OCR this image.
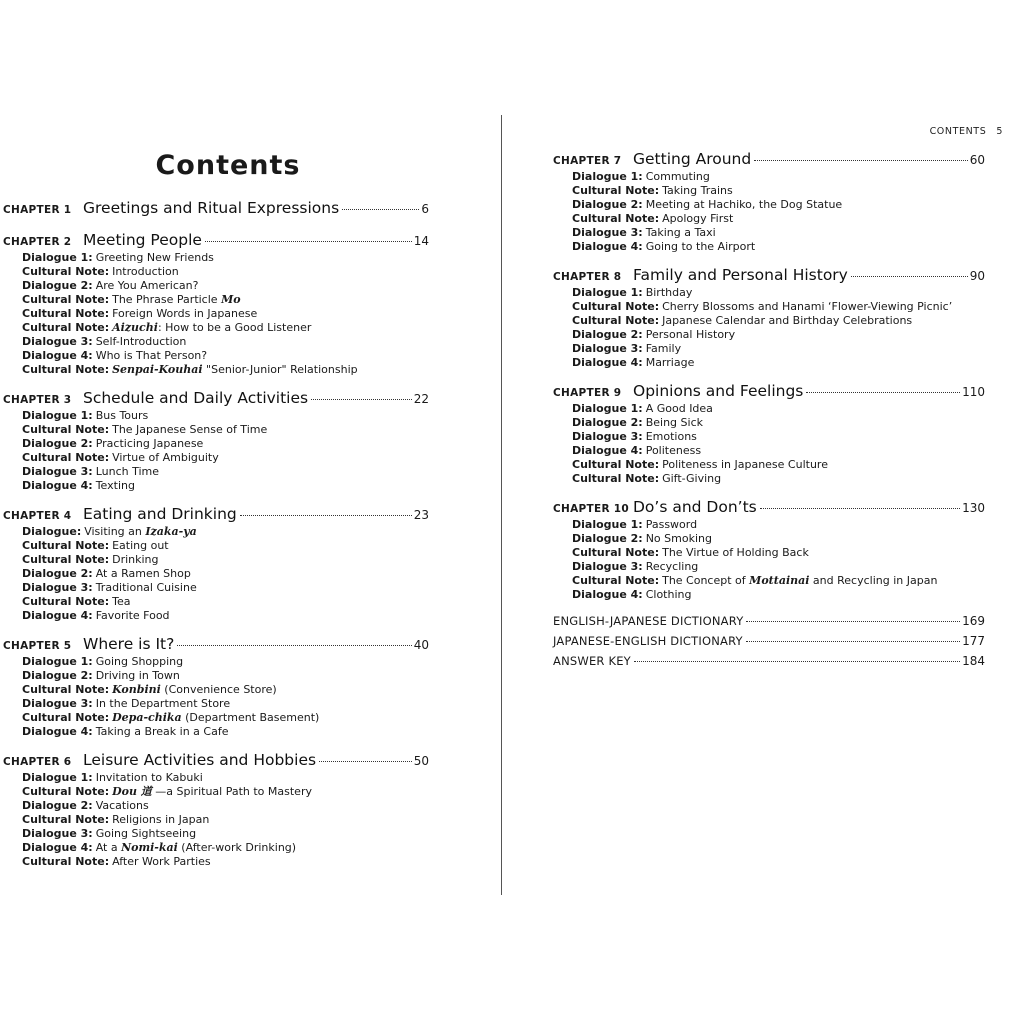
Contents
CHAPTER 1 Greetings and Ritual Expressions	6
CHAPTER 2 Meeting People	14
Dialogue 1: Greeting New Friends
Cultural Note: Introduction
Dialogue 2: Are You American?
Cultural Note: The Phrase Particle Mo
Cultural Note: Foreign Words in Japanese
Cultural Note: Aizuchi: How to be a Good Listener
Dialogue 3: Self-Introduction
Dialogue 4: Who is That Person?
Cultural Note: Senpai-Kouhai "Senior-Junior" Relationship
CHAPTER 3 Schedule and Daily Activities	22
Dialogue 1: Bus Tours
Cultural Note: The Japanese Sense of Time
Dialogue 2: Practicing Japanese
Cultural Note: Virtue of Ambiguity
Dialogue 3: Lunch Time
Dialogue 4: Texting
CHAPTER 4 Eating and Drinking	23
Dialogue: Visiting an Izaka-ya
Cultural Note: Eating out
Cultural Note: Drinking
Dialogue 2: At a Ramen Shop
Dialogue 3: Traditional Cuisine
Cultural Note: Tea
Dialogue 4: Favorite Food
CHAPTER 5 Where is It?	40
Dialogue 1: Going Shopping
Dialogue 2: Driving in Town
Cultural Note: Konbini (Convenience Store)
Dialogue 3: In the Department Store
Cultural Note: Depa-chika (Department Basement)
Dialogue 4: Taking a Break in a Cafe
CHAPTER 6 Leisure Activities and Hobbies	50
Dialogue 1: Invitation to Kabuki
Cultural Note: Dou 道 —a Spiritual Path to Mastery
Dialogue 2: Vacations
Cultural Note: Religions in Japan
Dialogue 3: Going Sightseeing
Dialogue 4: At a Nomi-kai (After-work Drinking)
Cultural Note: After Work Parties
CONTENTS 5
CHAPTER 7 Getting Around	60
Dialogue 1: Commuting
Cultural Note: Taking Trains
Dialogue 2: Meeting at Hachiko, the Dog Statue
Cultural Note: Apology First
Dialogue 3: Taking a Taxi
Dialogue 4: Going to the Airport
CHAPTER 8 Family and Personal History	90
Dialogue 1: Birthday
Cultural Note: Cherry Blossoms and Hanami ‘Flower-Viewing Picnic’
Cultural Note: Japanese Calendar and Birthday Celebrations
Dialogue 2: Personal History
Dialogue 3: Family
Dialogue 4: Marriage
CHAPTER 9 Opinions and Feelings	110
Dialogue 1: A Good Idea
Dialogue 2: Being Sick
Dialogue 3: Emotions
Dialogue 4: Politeness
Cultural Note: Politeness in Japanese Culture
Cultural Note: Gift-Giving
CHAPTER 10 Do’s and Don’ts	130
Dialogue 1: Password
Dialogue 2: No Smoking
Cultural Note: The Virtue of Holding Back
Dialogue 3: Recycling
Cultural Note: The Concept of Mottainai and Recycling in Japan
Dialogue 4: Clothing
ENGLISH-JAPANESE DICTIONARY	169
JAPANESE-ENGLISH DICTIONARY	177
ANSWER KEY	184
